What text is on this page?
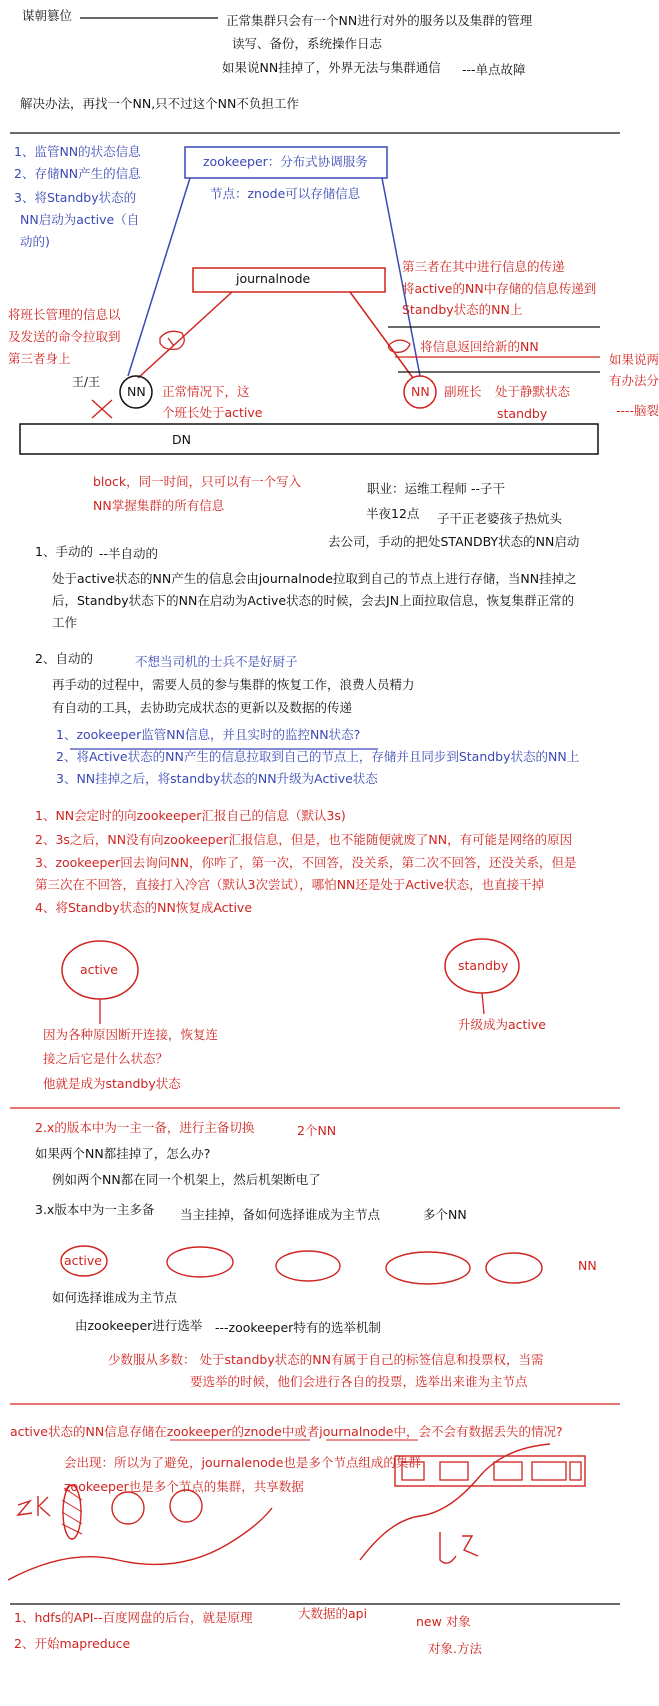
谋朝篡位	正常集群只会有一个NN进行对外的服务以及集群的管理
读写、备份，系统操作日志
如果说NN挂掉了，外界无法与集群通信 ---单点故障
解决办法，再找一个NN,只不过这个NN不负担工作
1、监管NN的状态信息
2、存储NN产生的信息
3、将Standby状态的
NN启动为active（自
动的)
zookeeper：分布式协调服务
节点：znode可以存储信息
journalnode
第三者在其中进行信息的传递
将active的NN中存储的信息传递到
Standby状态的NN上
将信息返回给新的NN
将班长管理的信息以
及发送的命令拉取到
第三者身上
王/王
NN	NN
正常情况下，这
个班长处于active
副班长 处于静默状态
standby
如果说两
有办法分
----脑裂
DN
block，同一时间，只可以有一个写入
NN掌握集群的所有信息
职业：运维工程师 --子干
半夜12点 子干正老婆孩子热炕头
去公司，手动的把处STANDBY状态的NN启动
1、手动的 --半自动的
处于active状态的NN产生的信息会由journalnode拉取到自己的节点上进行存储，当NN挂掉之
后，Standby状态下的NN在启动为Active状态的时候，会去JN上面拉取信息，恢复集群正常的
工作
2、自动的	不想当司机的士兵不是好厨子
再手动的过程中，需要人员的参与集群的恢复工作，浪费人员精力
有自动的工具，去协助完成状态的更新以及数据的传递
1、zookeeper监管NN信息，并且实时的监控NN状态?
2、将Active状态的NN产生的信息拉取到自己的节点上，存储并且同步到Standby状态的NN上
3、NN挂掉之后，将standby状态的NN升级为Active状态
1、NN会定时的向zookeeper汇报自己的信息（默认3s)
2、3s之后，NN没有向zookeeper汇报信息，但是，也不能随便就废了NN，有可能是网络的原因
3、zookeeper回去询问NN，你咋了，第一次，不回答，没关系，第二次不回答，还没关系，但是
第三次在不回答，直接打入冷宫（默认3次尝试），哪怕NN还是处于Active状态，也直接干掉
4、将Standby状态的NN恢复成Active
active	standby
因为各种原因断开连接，恢复连
接之后它是什么状态？
他就是成为standby状态
升级成为active
2.x的版本中为一主一备，进行主备切换	2个NN
如果两个NN都挂掉了，怎么办?
例如两个NN都在同一个机架上，然后机架断电了
3.x版本中为一主多备 当主挂掉，备如何选择谁成为主节点	多个NN
active	NN
如何选择谁成为主节点
由zookeeper进行选举 ---zookeeper特有的选举机制
少数服从多数： 处于standby状态的NN有属于自己的标签信息和投票权，当需
要选举的时候，他们会进行各自的投票，选举出来谁为主节点
active状态的NN信息存储在zookeeper的znode中或者journalnode中，会不会有数据丢失的情况?
会出现：所以为了避免，journalenode也是多个节点组成的集群
zookeeper也是多个节点的集群，共享数据
1、hdfs的API--百度网盘的后台，就是原理
2、开始mapreduce
大数据的api
new 对象
对象.方法
